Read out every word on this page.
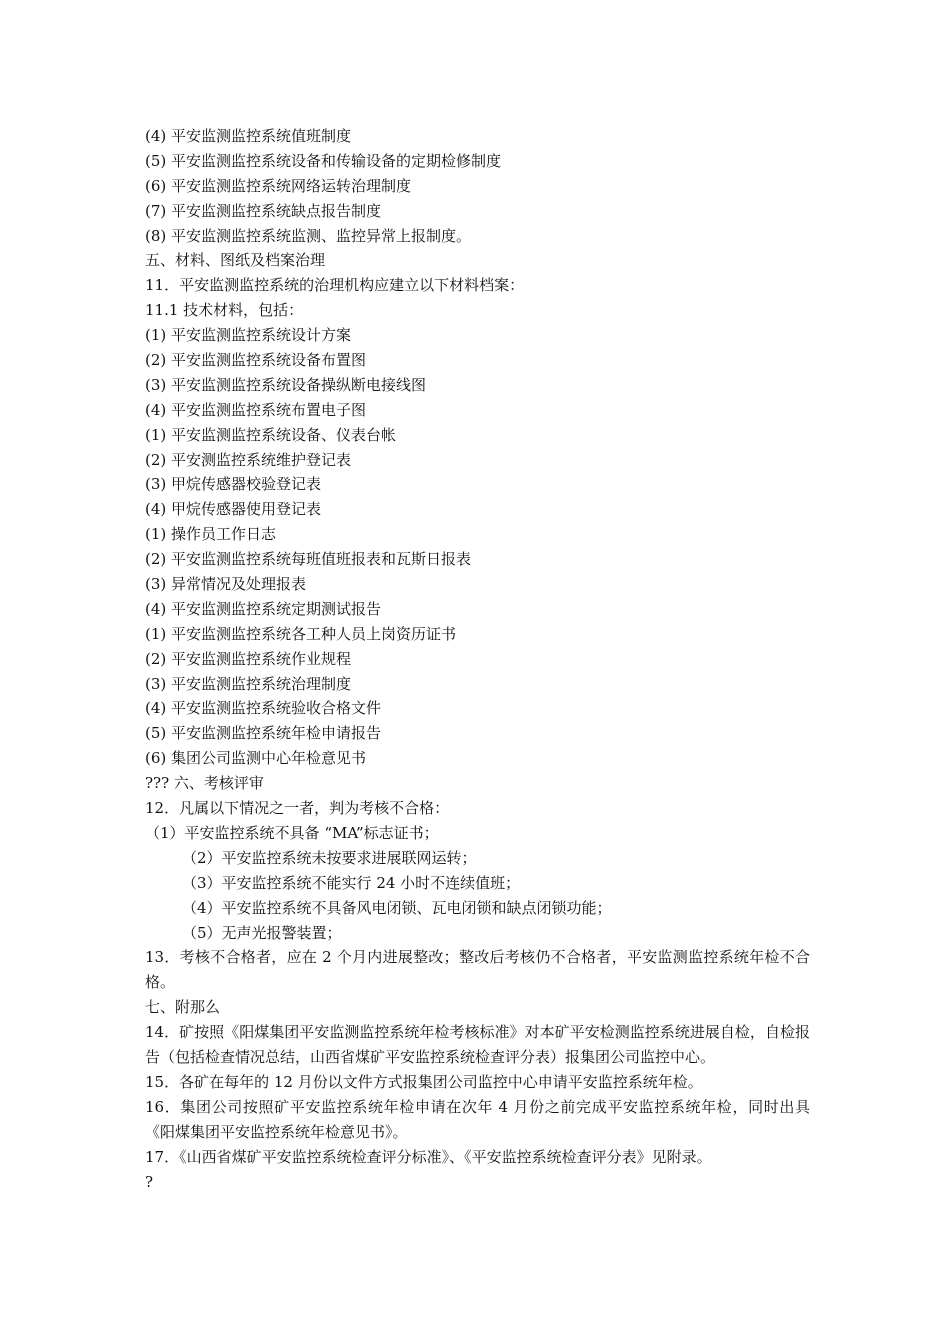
(4) 平安监测监控系统值班制度
(5) 平安监测监控系统设备和传输设备的定期检修制度
(6) 平安监测监控系统网络运转治理制度
(7) 平安监测监控系统缺点报告制度
(8) 平安监测监控系统监测、监控异常上报制度。
五、材料、图纸及档案治理
11．平安监测监控系统的治理机构应建立以下材料档案：
11.1 技术材料，包括：
(1) 平安监测监控系统设计方案
(2) 平安监测监控系统设备布置图
(3) 平安监测监控系统设备操纵断电接线图
(4) 平安监测监控系统布置电子图
(1) 平安监测监控系统设备、仪表台帐
(2) 平安测监控系统维护登记表
(3) 甲烷传感器校验登记表
(4) 甲烷传感器使用登记表
(1) 操作员工作日志
(2) 平安监测监控系统每班值班报表和瓦斯日报表
(3) 异常情况及处理报表
(4) 平安监测监控系统定期测试报告
(1) 平安监测监控系统各工种人员上岗资历证书
(2) 平安监测监控系统作业规程
(3) 平安监测监控系统治理制度
(4) 平安监测监控系统验收合格文件
(5) 平安监测监控系统年检申请报告
(6) 集团公司监测中心年检意见书
??? 六、考核评审
12．凡属以下情况之一者，判为考核不合格：
（1）平安监控系统不具备 “MA”标志证书；
（2）平安监控系统未按要求进展联网运转；
（3）平安监控系统不能实行 24 小时不连续值班；
（4）平安监控系统不具备风电闭锁、瓦电闭锁和缺点闭锁功能；
（5）无声光报警装置；
13．考核不合格者，应在 2 个月内进展整改；整改后考核仍不合格者，平安监测监控系统年检不合格。
七、附那么
14．矿按照《阳煤集团平安监测监控系统年检考核标准》对本矿平安检测监控系统进展自检，自检报告（包括检查情况总结，山西省煤矿平安监控系统检查评分表）报集团公司监控中心。
15．各矿在每年的 12 月份以文件方式报集团公司监控中心申请平安监控系统年检。
16．集团公司按照矿平安监控系统年检申请在次年 4 月份之前完成平安监控系统年检，同时出具《阳煤集团平安监控系统年检意见书》。
17．《山西省煤矿平安监控系统检查评分标准》、《平安监控系统检查评分表》见附录。
?
